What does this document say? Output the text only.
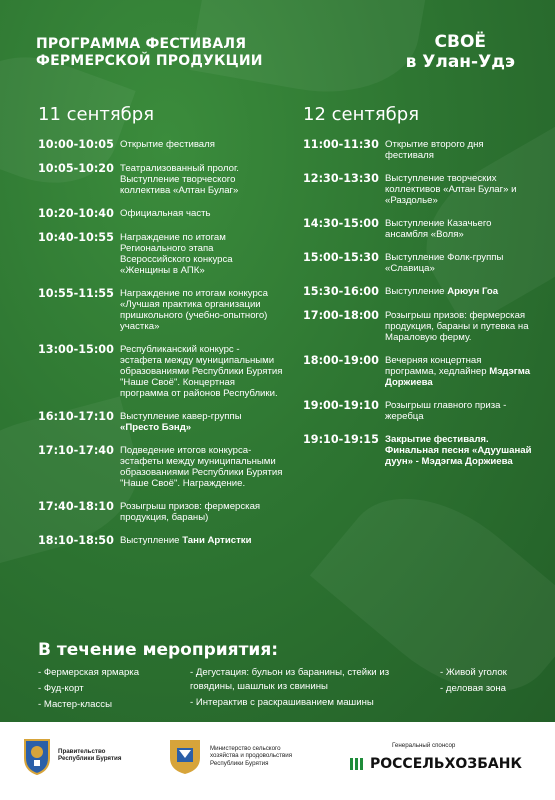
ПРОГРАММА ФЕСТИВАЛЯ
ФЕРМЕРСКОЙ ПРОДУКЦИИ
СВОЁ
в Улан-Удэ
11 сентября
10:00-10:05 Открытие фестиваля
10:05-10:20 Театрализованный пролог. Выступление творческого коллектива «Алтан Булаг»
10:20-10:40 Официальная часть
10:40-10:55 Награждение по итогам Регионального этапа Всероссийского конкурса «Женщины в АПК»
10:55-11:55 Награждение по итогам конкурса «Лучшая практика организации пришкольного (учебно-опытного) участка»
13:00-15:00 Республиканский конкурс - эстафета между муниципальными образованиями Республики Бурятия "Наше Своё". Концертная программа от районов Республики.
16:10-17:10 Выступление кавер-группы «Престо Бэнд»
17:10-17:40 Подведение итогов конкурса-эстафеты между муниципальными образованиями Республики Бурятия "Наше Своё". Награждение.
17:40-18:10 Розыгрыш призов: фермерская продукция, бараны)
18:10-18:50 Выступление Тани Артистки
12 сентября
11:00-11:30 Открытие второго дня фестиваля
12:30-13:30 Выступление творческих коллективов «Алтан Булаг» и «Раздолье»
14:30-15:00 Выступление Казачьего ансамбля «Воля»
15:00-15:30 Выступление Фолк-группы «Славица»
15:30-16:00 Выступление Арюун Гоа
17:00-18:00 Розыгрыш призов: фермерская продукция, бараны и путевка на Мараловую ферму.
18:00-19:00 Вечерняя концертная программа, хедлайнер Мэдэгма Доржиева
19:00-19:10 Розыгрыш главного приза - жеребца
19:10-19:15 Закрытие фестиваля. Финальная песня «Адуушанай дуун» - Мэдэгма Доржиева
В течение мероприятия:
- Фермерская ярмарка
- Фуд-корт
- Мастер-классы
- Дегустация: бульон из баранины, стейки из говядины, шашлык из свинины
- Интерактив с раскрашиванием машины
- Живой уголок
- деловая зона
Правительство
Республики Бурятия
Министерство сельского
хозяйства и продовольствия
Республики Бурятия
Генеральный спонсор
РОССЕЛЬХОЗБАНК
